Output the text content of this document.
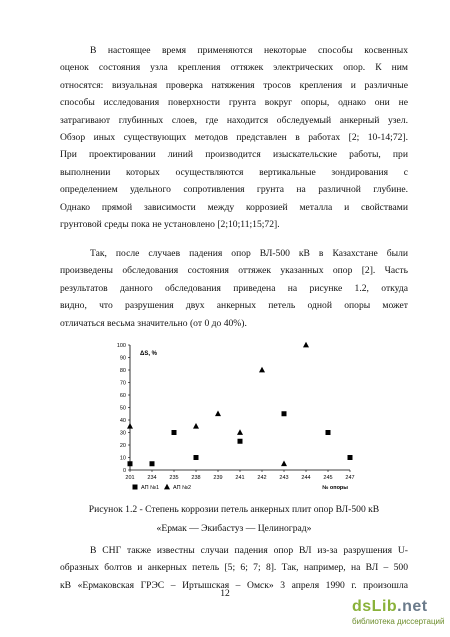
В настоящее время применяются некоторые способы косвенных
оценок состояния узла крепления оттяжек электрических опор. К ним
относятся: визуальная проверка натяжения тросов крепления и различные
способы исследования поверхности грунта вокруг опоры, однако они не
затрагивают глубинных слоев, где находится обследуемый анкерный узел.
Обзор иных существующих методов представлен в работах [2; 10-14;72].
При проектировании линий производится изыскательские работы, при
выполнении которых осуществляются вертикальные зондирования с
определением удельного сопротивления грунта на различной глубине.
Однако прямой зависимости между коррозией металла и свойствами
грунтовой среды пока не установлено [2;10;11;15;72].
Так, после случаев падения опор ВЛ-500 кВ в Казахстане были
произведены обследования состояния оттяжек указанных опор [2]. Часть
результатов данного обследования приведена на рисунке 1.2, откуда
видно, что разрушения двух анкерных петель одной опоры может
отличаться весьма значительно (от 0 до 40%).
0
10
20
30
40
50
60
70
80
90
100
201 234 235 238 239 241 242 243 244 245 247
ΔS, %
АП №1	АП №2	№ опоры

Рисунок 1.2 - Степень коррозии петель анкерных плит опор ВЛ-500 кВ

«Ермак — Экибастуз — Целиноград»

В СНГ также известны случаи падения опор ВЛ из-за разрушения U-
образных болтов и анкерных петель [5; 6; 7; 8]. Так, например, на ВЛ – 500
кВ «Ермаковская ГРЭС – Иртышская – Омск» 3 апреля 1990 г. произошла
12
dsLib.net
библиотека диссертаций
